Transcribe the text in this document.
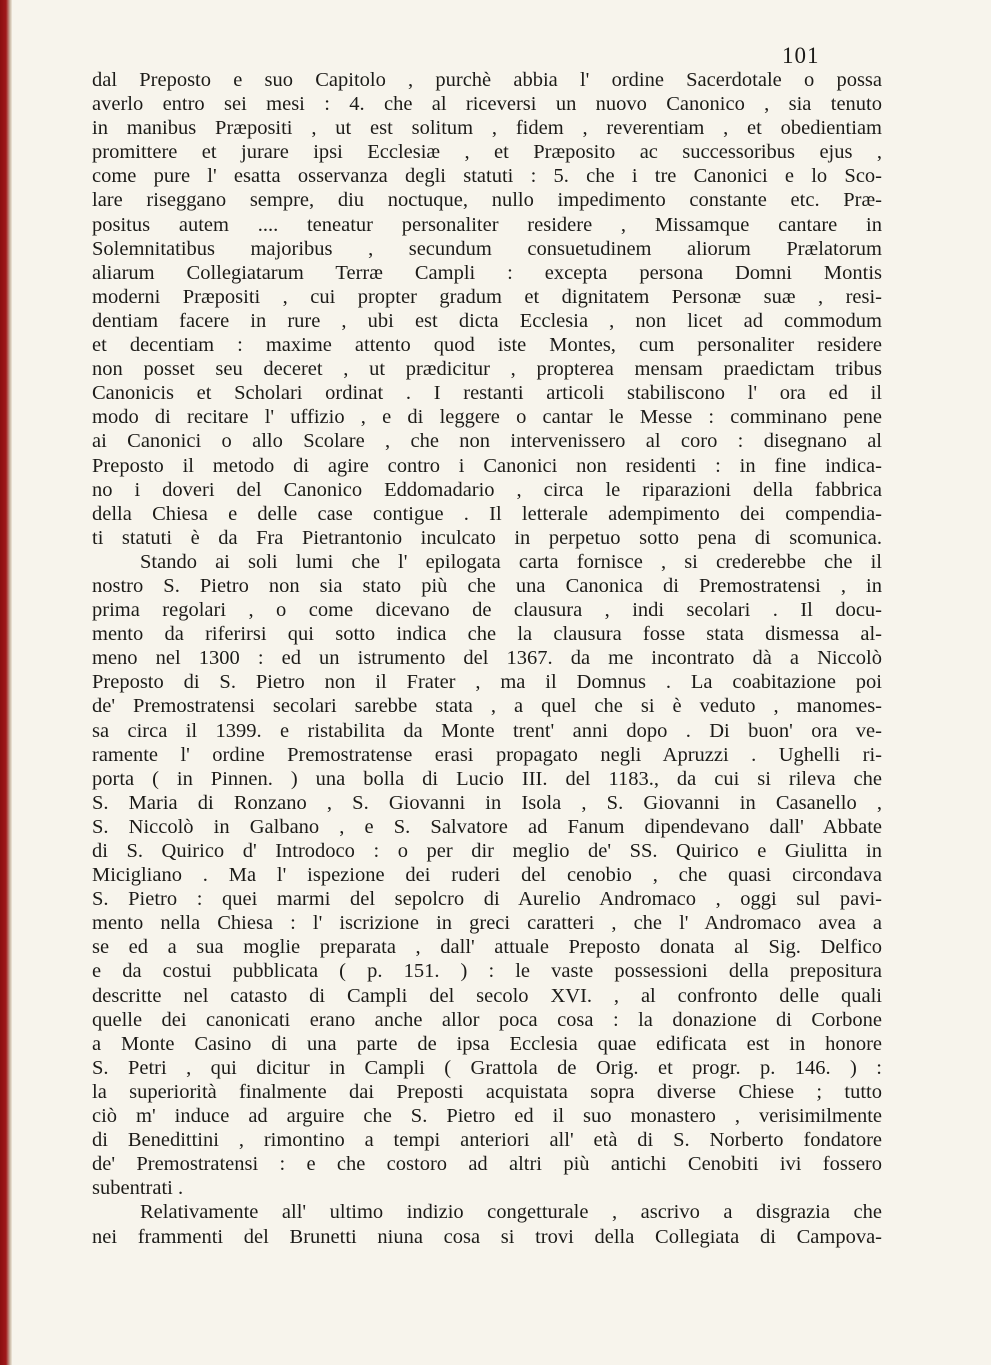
101
dal Preposto e suo Capitolo , purchè abbia l' ordine Sacerdotale o possa
averlo entro sei mesi : 4. che al riceversi un nuovo Canonico , sia tenuto
in manibus Præpositi , ut est solitum , fidem , reverentiam , et obedientiam
promittere et jurare ipsi Ecclesiæ , et Præposito ac successoribus ejus ,
come pure l' esatta osservanza degli statuti : 5. che i tre Canonici e lo Sco-
lare riseggano sempre, diu noctuque, nullo impedimento constante etc. Præ-
positus autem .... teneatur personaliter residere , Missamque cantare in
Solemnitatibus majoribus , secundum consuetudinem aliorum Prælatorum
aliarum Collegiatarum Terræ Campli : excepta persona Domni Montis
moderni Præpositi , cui propter gradum et dignitatem Personæ suæ , resi-
dentiam facere in rure , ubi est dicta Ecclesia , non licet ad commodum
et decentiam : maxime attento quod iste Montes, cum personaliter residere
non posset seu deceret , ut prædicitur , propterea mensam praedictam tribus
Canonicis et Scholari ordinat . I restanti articoli stabiliscono l' ora ed il
modo di recitare l' uffizio , e di leggere o cantar le Messe : comminano pene
ai Canonici o allo Scolare , che non intervenissero al coro : disegnano al
Preposto il metodo di agire contro i Canonici non residenti : in fine indica-
no i doveri del Canonico Eddomadario , circa le riparazioni della fabbrica
della Chiesa e delle case contigue . Il letterale adempimento dei compendia-
ti statuti è da Fra Pietrantonio inculcato in perpetuo sotto pena di scomunica.
Stando ai soli lumi che l' epilogata carta fornisce , si crederebbe che il
nostro S. Pietro non sia stato più che una Canonica di Premostratensi , in
prima regolari , o come dicevano de clausura , indi secolari . Il docu-
mento da riferirsi qui sotto indica che la clausura fosse stata dismessa al-
meno nel 1300 : ed un istrumento del 1367. da me incontrato dà a Niccolò
Preposto di S. Pietro non il Frater , ma il Domnus . La coabitazione poi
de' Premostratensi secolari sarebbe stata , a quel che si è veduto , manomes-
sa circa il 1399. e ristabilita da Monte trent' anni dopo . Di buon' ora ve-
ramente l' ordine Premostratense erasi propagato negli Apruzzi . Ughelli ri-
porta ( in Pinnen. ) una bolla di Lucio III. del 1183., da cui si rileva che
S. Maria di Ronzano , S. Giovanni in Isola , S. Giovanni in Casanello ,
S. Niccolò in Galbano , e S. Salvatore ad Fanum dipendevano dall' Abbate
di S. Quirico d' Introdoco : o per dir meglio de' SS. Quirico e Giulitta in
Micigliano . Ma l' ispezione dei ruderi del cenobio , che quasi circondava
S. Pietro : quei marmi del sepolcro di Aurelio Andromaco , oggi sul pavi-
mento nella Chiesa : l' iscrizione in greci caratteri , che l' Andromaco avea a
se ed a sua moglie preparata , dall' attuale Preposto donata al Sig. Delfico
e da costui pubblicata ( p. 151. ) : le vaste possessioni della prepositura
descritte nel catasto di Campli del secolo XVI. , al confronto delle quali
quelle dei canonicati erano anche allor poca cosa : la donazione di Corbone
a Monte Casino di una parte de ipsa Ecclesia quae edificata est in honore
S. Petri , qui dicitur in Campli ( Grattola de Orig. et progr. p. 146. ) :
la superiorità finalmente dai Preposti acquistata sopra diverse Chiese ; tutto
ciò m' induce ad arguire che S. Pietro ed il suo monastero , verisimilmente
di Benedittini , rimontino a tempi anteriori all' età di S. Norberto fondatore
de' Premostratensi : e che costoro ad altri più antichi Cenobiti ivi fossero
subentrati .
Relativamente all' ultimo indizio congetturale , ascrivo a disgrazia che
nei frammenti del Brunetti niuna cosa si trovi della Collegiata di Campova-
